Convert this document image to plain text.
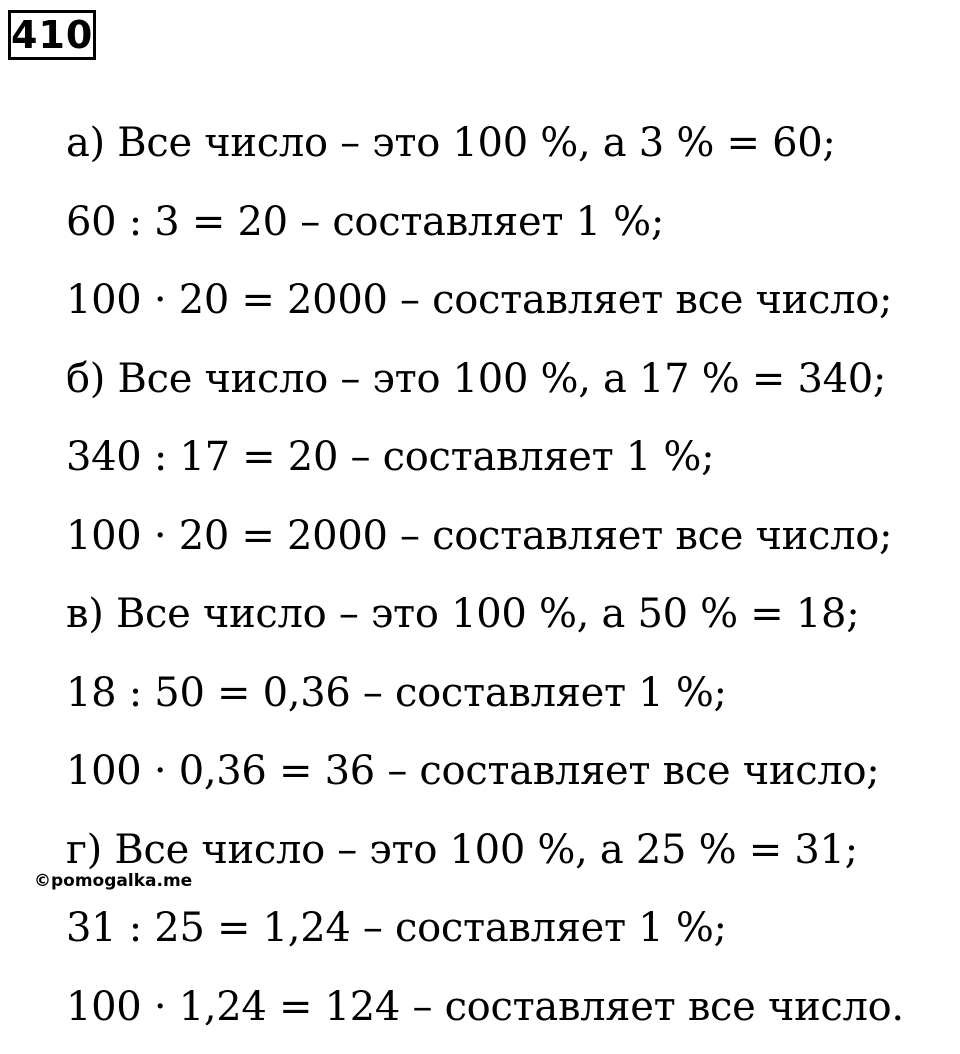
410
а) Все число – это 100 %, а 3 % = 60;
60 : 3 = 20 – составляет 1 %;
100 · 20 = 2000 – составляет все число;
б) Все число – это 100 %, а 17 % = 340;
340 : 17 = 20 – составляет 1 %;
100 · 20 = 2000 – составляет все число;
в) Все число – это 100 %, а 50 % = 18;
18 : 50 = 0,36 – составляет 1 %;
100 · 0,36 = 36 – составляет все число;
г) Все число – это 100 %, а 25 % = 31;
31 : 25 = 1,24 – составляет 1 %;
100 · 1,24 = 124 – составляет все число.
©pomogalka.me
